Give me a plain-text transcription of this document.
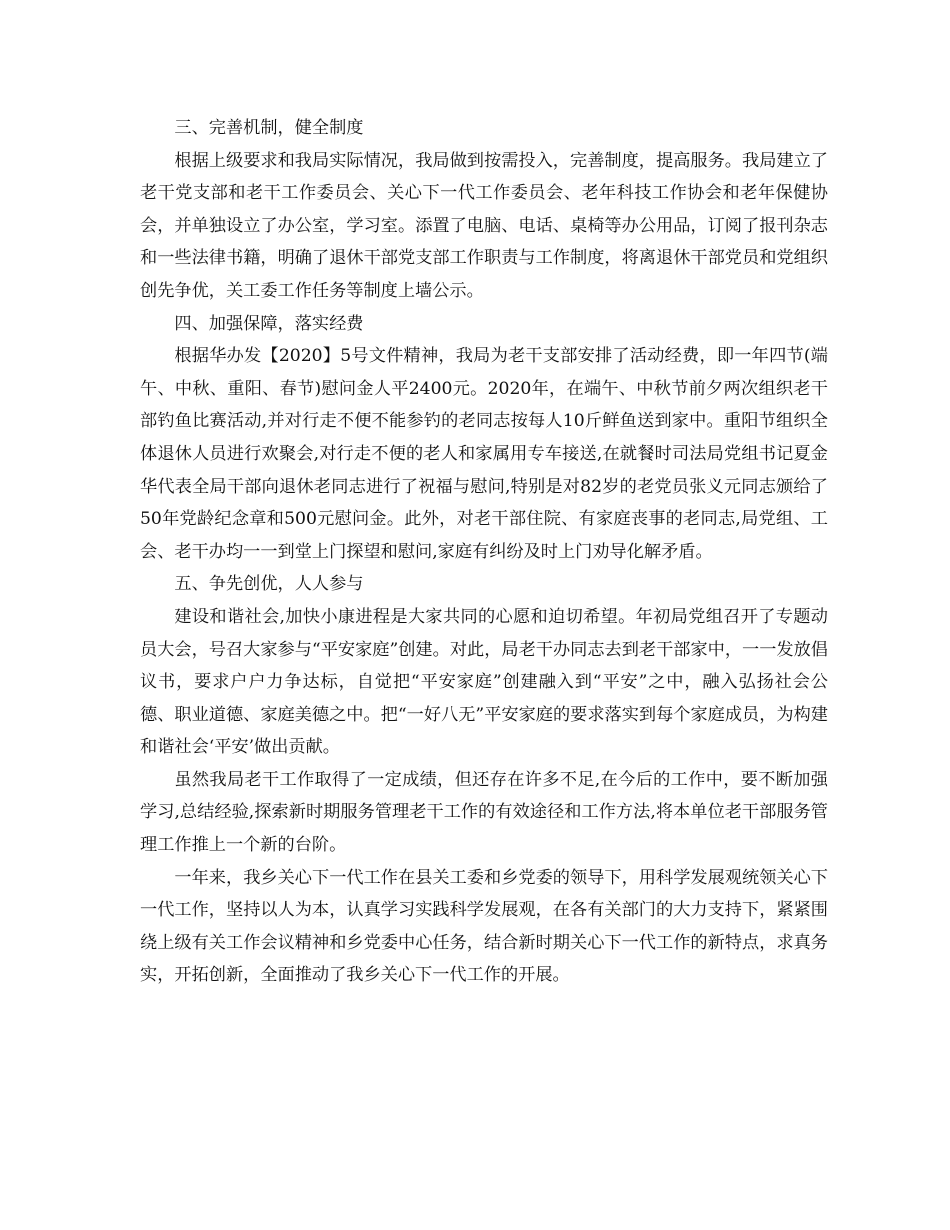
三、完善机制，健全制度

根据上级要求和我局实际情况，我局做到按需投入，完善制度，提高服务。我局建立了老干党支部和老干工作委员会、关心下一代工作委员会、老年科技工作协会和老年保健协会，并单独设立了办公室，学习室。添置了电脑、电话、桌椅等办公用品，订阅了报刊杂志和一些法律书籍，明确了退休干部党支部工作职责与工作制度，将离退休干部党员和党组织创先争优，关工委工作任务等制度上墙公示。

四、加强保障，落实经费

根据华办发【2020】5号文件精神，我局为老干支部安排了活动经费，即一年四节(端午、中秋、重阳、春节)慰问金人平2400元。2020年，在端午、中秋节前夕两次组织老干部钓鱼比赛活动,并对行走不便不能参钓的老同志按每人10斤鲜鱼送到家中。重阳节组织全体退休人员进行欢聚会,对行走不便的老人和家属用专车接送,在就餐时司法局党组书记夏金华代表全局干部向退休老同志进行了祝福与慰问,特别是对82岁的老党员张义元同志颁给了50年党龄纪念章和500元慰问金。此外，对老干部住院、有家庭丧事的老同志,局党组、工会、老干办均一一到堂上门探望和慰问,家庭有纠纷及时上门劝导化解矛盾。

五、争先创优，人人参与

建设和谐社会,加快小康进程是大家共同的心愿和迫切希望。年初局党组召开了专题动员大会，号召大家参与“平安家庭”创建。对此，局老干办同志去到老干部家中，一一发放倡议书，要求户户力争达标，自觉把“平安家庭”创建融入到“平安”之中，融入弘扬社会公德、职业道德、家庭美德之中。把“一好八无”平安家庭的要求落实到每个家庭成员，为构建和谐社会‘平安’做出贡献。

虽然我局老干工作取得了一定成绩，但还存在许多不足,在今后的工作中，要不断加强学习,总结经验,探索新时期服务管理老干工作的有效途径和工作方法,将本单位老干部服务管理工作推上一个新的台阶。

一年来，我乡关心下一代工作在县关工委和乡党委的领导下，用科学发展观统领关心下一代工作，坚持以人为本，认真学习实践科学发展观，在各有关部门的大力支持下，紧紧围绕上级有关工作会议精神和乡党委中心任务，结合新时期关心下一代工作的新特点，求真务实，开拓创新，全面推动了我乡关心下一代工作的开展。
